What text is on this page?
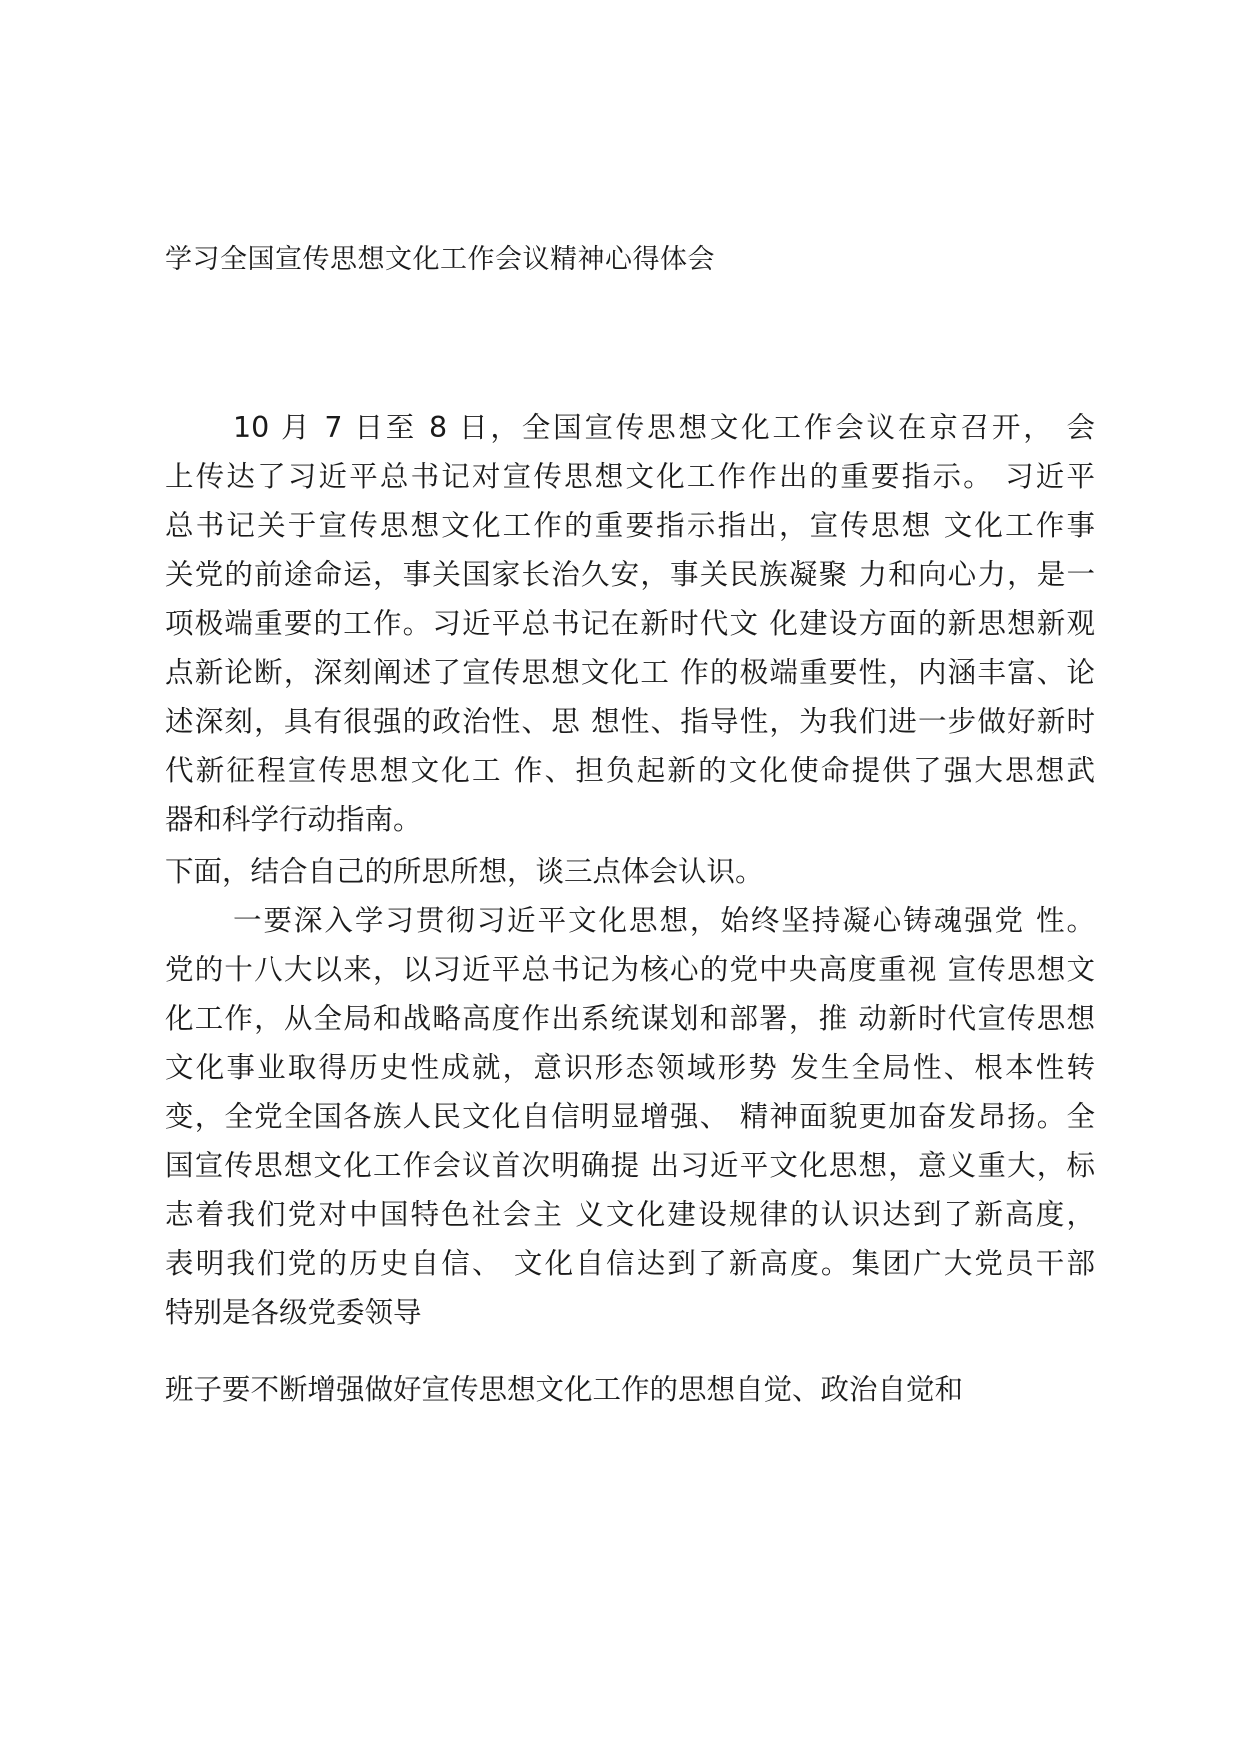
学习全国宣传思想文化工作会议精神心得体会
10 月 7 日至 8 日，全国宣传思想文化工作会议在京召开， 会
上传达了习近平总书记对宣传思想文化工作作出的重要指示。 习近平
总书记关于宣传思想文化工作的重要指示指出，宣传思想 文化工作事
关党的前途命运，事关国家长治久安，事关民族凝聚 力和向心力，是一
项极端重要的工作。习近平总书记在新时代文 化建设方面的新思想新观
点新论断，深刻阐述了宣传思想文化工 作的极端重要性，内涵丰富、论
述深刻，具有很强的政治性、思 想性、指导性，为我们进一步做好新时
代新征程宣传思想文化工 作、担负起新的文化使命提供了强大思想武
器和科学行动指南。
下面，结合自己的所思所想，谈三点体会认识。
一要深入学习贯彻习近平文化思想，始终坚持凝心铸魂强党 性。
党的十八大以来，以习近平总书记为核心的党中央高度重视 宣传思想文
化工作，从全局和战略高度作出系统谋划和部署，推 动新时代宣传思想
文化事业取得历史性成就，意识形态领域形势 发生全局性、根本性转
变，全党全国各族人民文化自信明显增强、 精神面貌更加奋发昂扬。全
国宣传思想文化工作会议首次明确提 出习近平文化思想，意义重大，标
志着我们党对中国特色社会主 义文化建设规律的认识达到了新高度，
表明我们党的历史自信、 文化自信达到了新高度。集团广大党员干部
特别是各级党委领导
班子要不断增强做好宣传思想文化工作的思想自觉、政治自觉和
